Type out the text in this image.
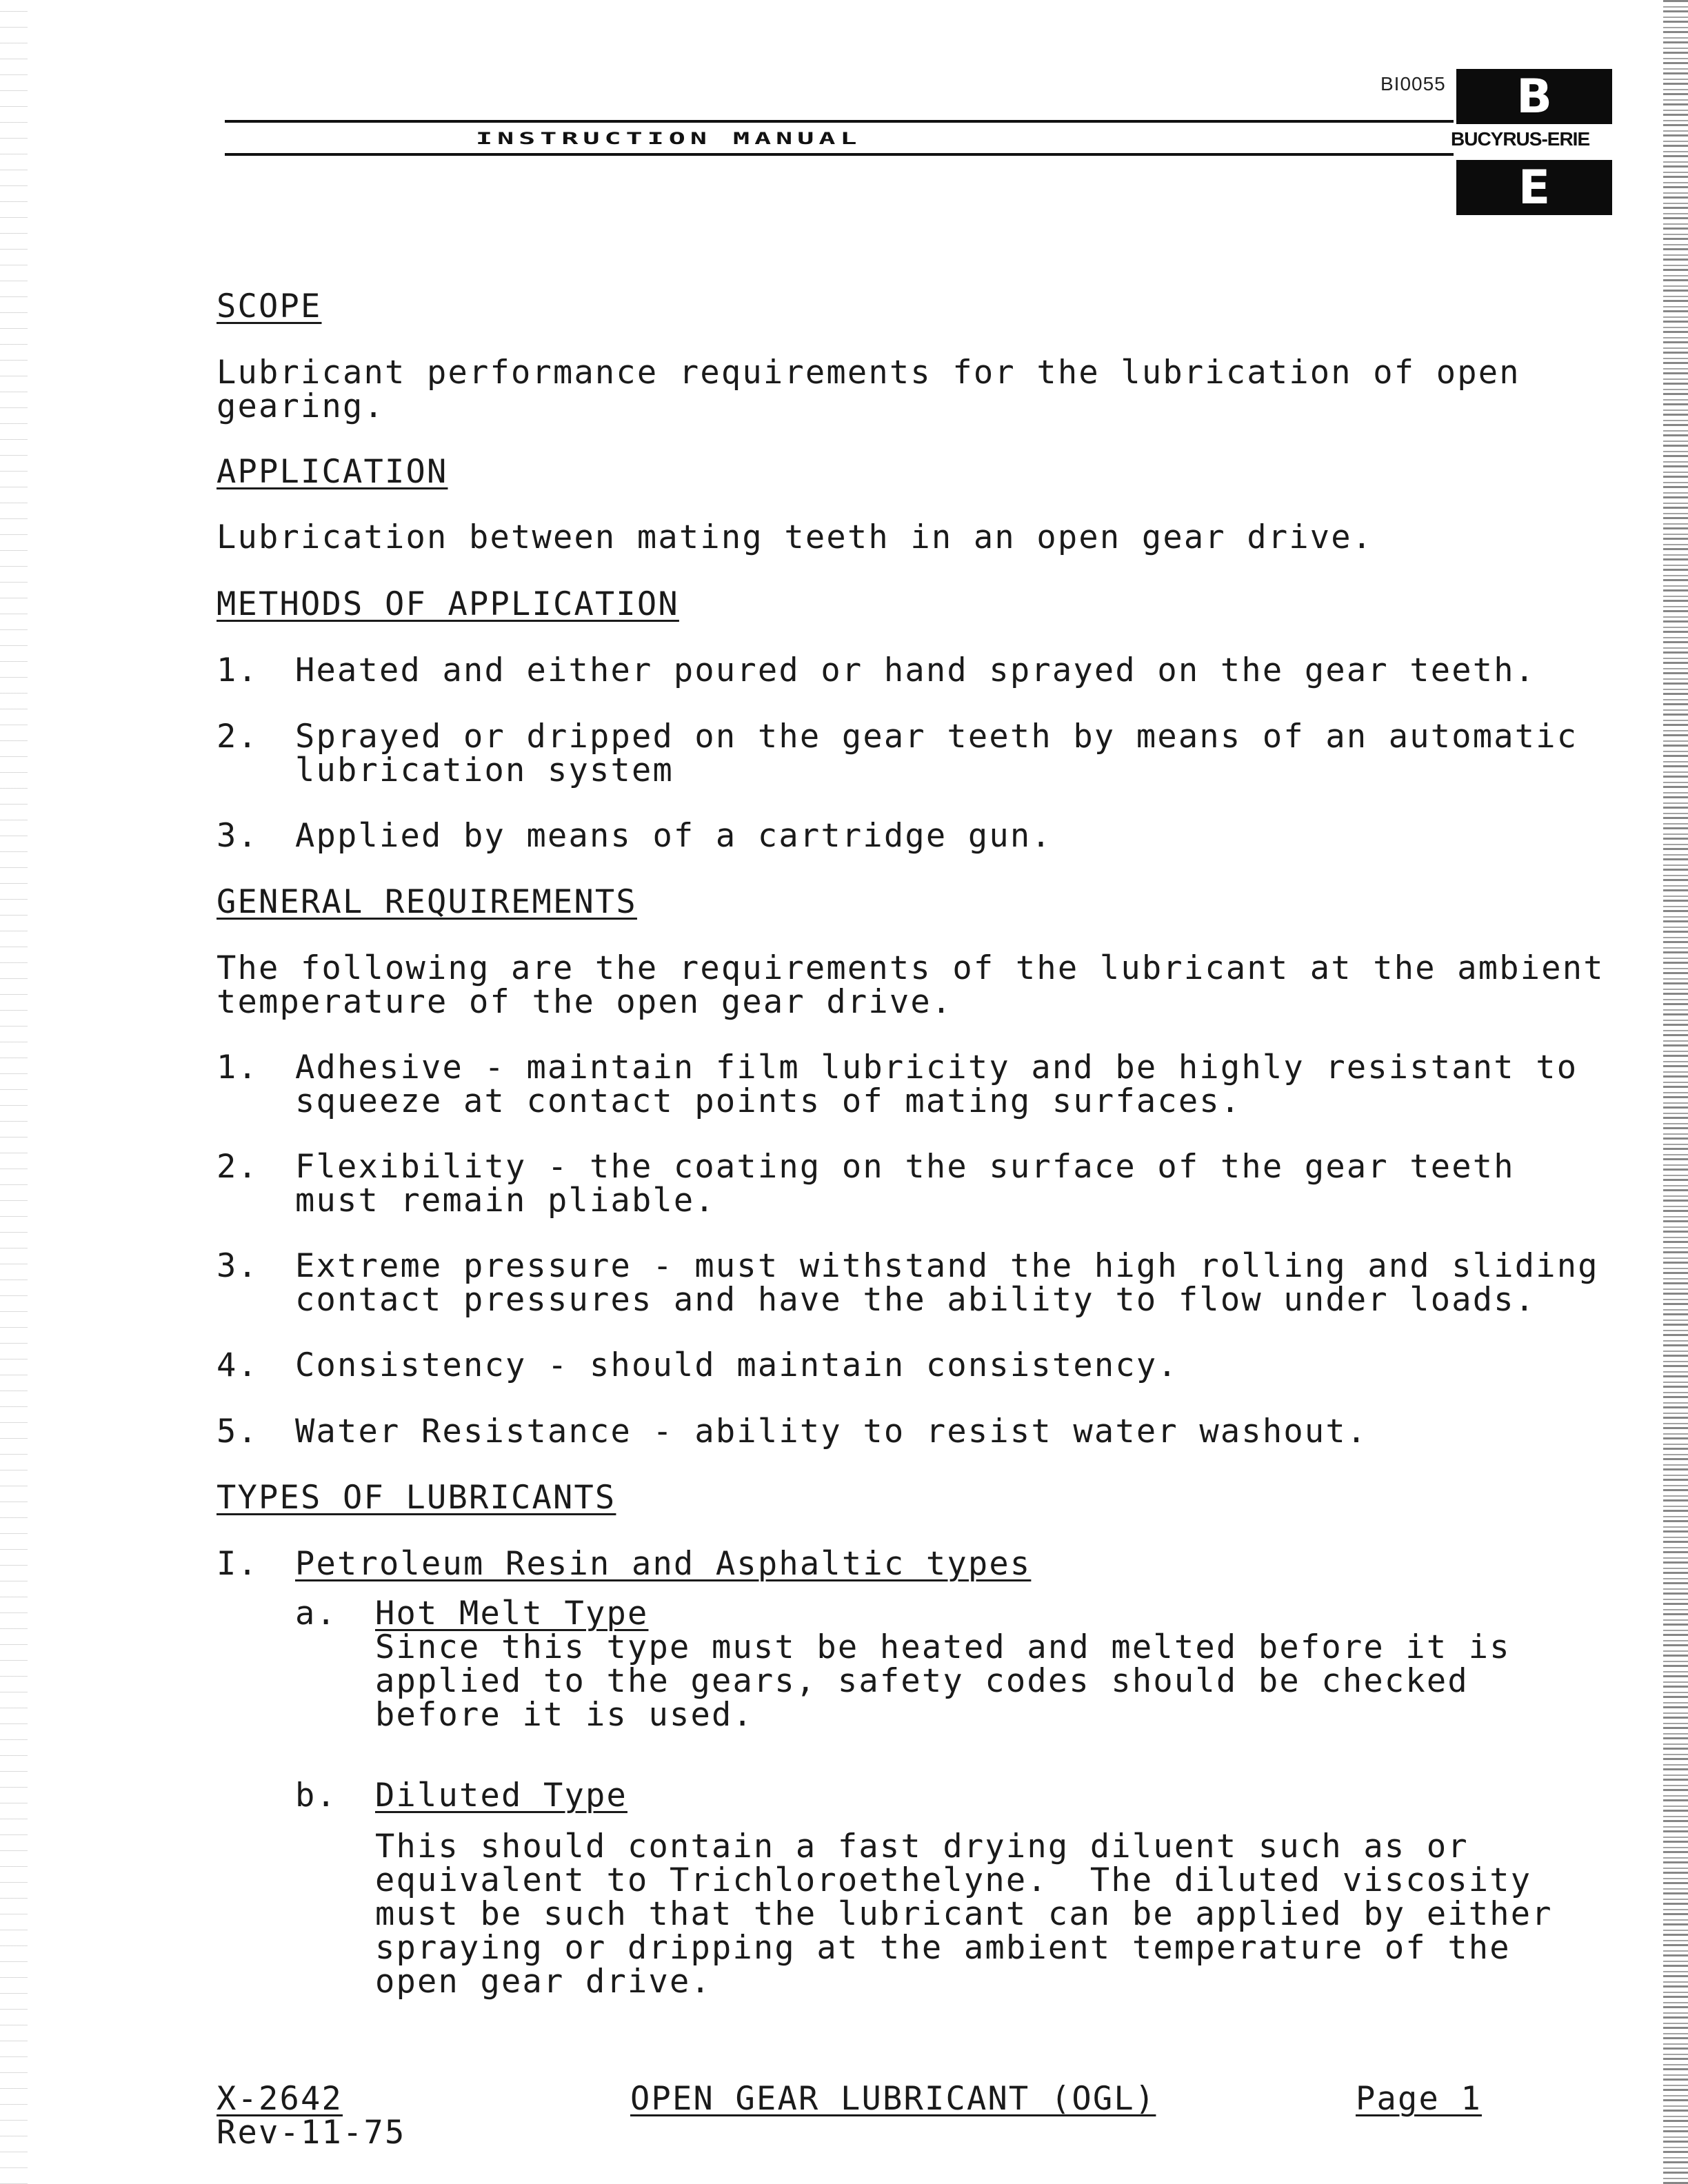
BI0055
INSTRUCTION MANUAL
B
BUCYRUS-ERIE
E
SCOPE
Lubricant performance requirements for the lubrication of open
gearing.
APPLICATION
Lubrication between mating teeth in an open gear drive.
METHODS OF APPLICATION
1. Heated and either poured or hand sprayed on the gear teeth.
2. Sprayed or dripped on the gear teeth by means of an automatic
lubrication system
3. Applied by means of a cartridge gun.
GENERAL REQUIREMENTS
The following are the requirements of the lubricant at the ambient
temperature of the open gear drive.
1. Adhesive - maintain film lubricity and be highly resistant to
squeeze at contact points of mating surfaces.
2. Flexibility - the coating on the surface of the gear teeth
must remain pliable.
3. Extreme pressure - must withstand the high rolling and sliding
contact pressures and have the ability to flow under loads.
4. Consistency - should maintain consistency.
5. Water Resistance - ability to resist water washout.
TYPES OF LUBRICANTS
I. Petroleum Resin and Asphaltic types
a. Hot Melt Type
Since this type must be heated and melted before it is
applied to the gears, safety codes should be checked
before it is used.
b. Diluted Type
This should contain a fast drying diluent such as or
equivalent to Trichloroethelyne.  The diluted viscosity
must be such that the lubricant can be applied by either
spraying or dripping at the ambient temperature of the
open gear drive.
X-2642
Rev-11-75
OPEN GEAR LUBRICANT (OGL)	Page 1
